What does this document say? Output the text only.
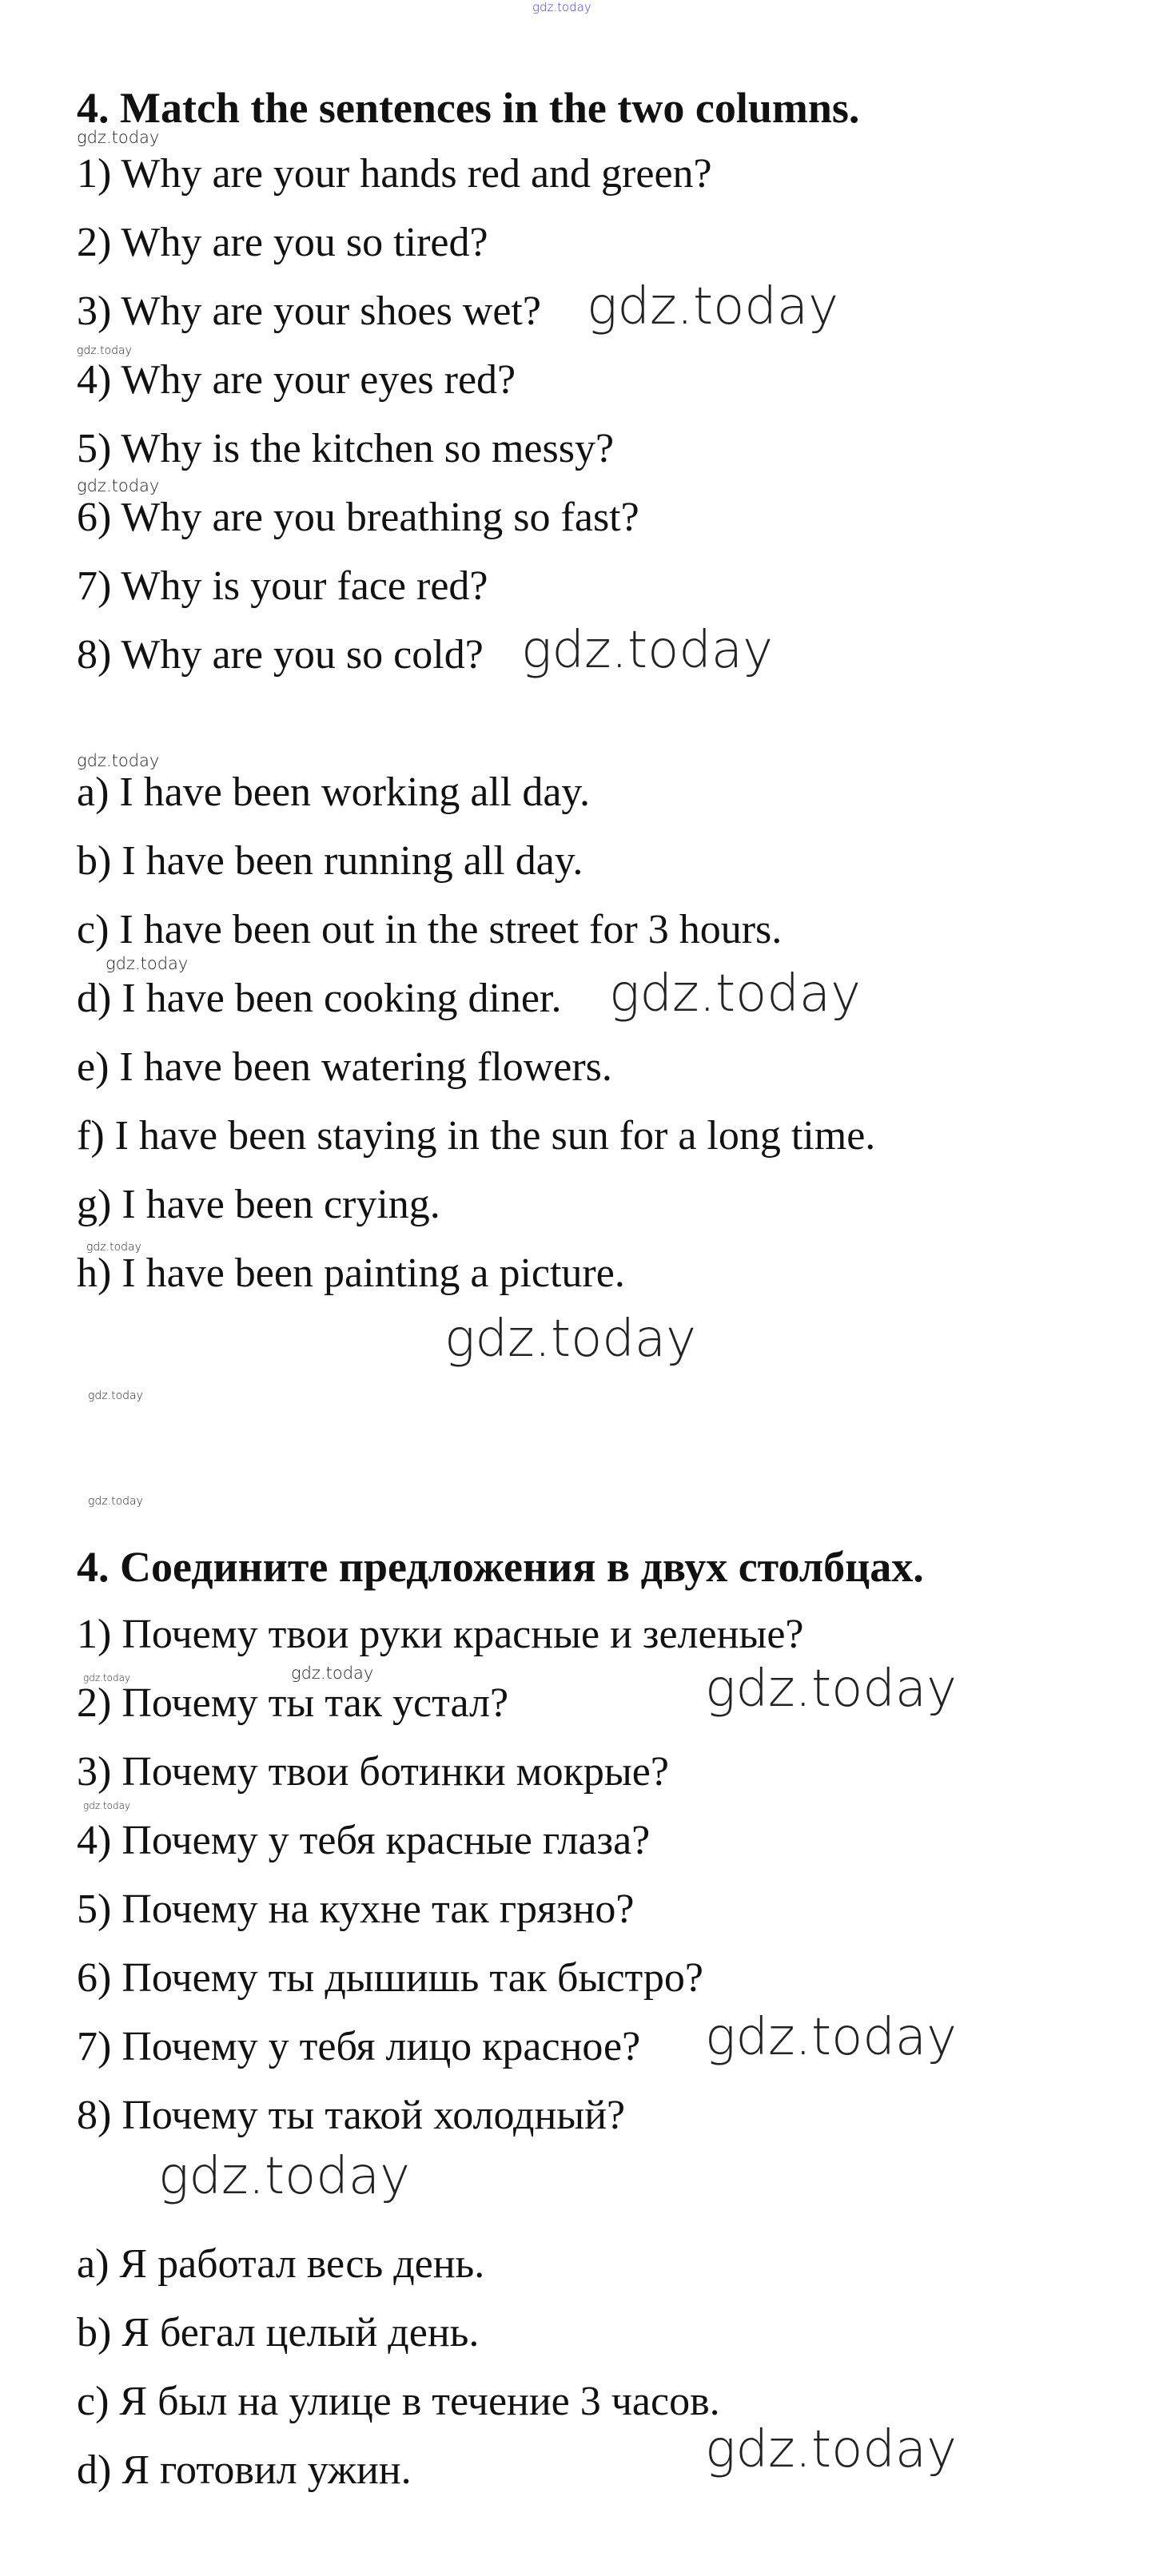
gdz.today
4. Match the sentences in the two columns.
gdz.today
1) Why are your hands red and green?
2) Why are you so tired?
3) Why are your shoes wet? gdz.today
gdz.today
4) Why are your eyes red?
5) Why is the kitchen so messy?
gdz.today
6) Why are you breathing so fast?
7) Why is your face red?
8) Why are you so cold? gdz.today
gdz.today
a) I have been working all day.
b) I have been running all day.
c) I have been out in the street for 3 hours.
gdz.today
d) I have been cooking diner. gdz.today
e) I have been watering flowers.
f) I have been staying in the sun for a long time.
g) I have been crying.
gdz.today
h) I have been painting a picture.
gdz.today
gdz.today
gdz.today
4. Соедините предложения в двух столбцах.
1) Почему твои руки красные и зеленые?
gdz.today	gdz.today	gdz.today
2) Почему ты так устал?
3) Почему твои ботинки мокрые?
gdz.today
4) Почему у тебя красные глаза?
5) Почему на кухне так грязно?
6) Почему ты дышишь так быстро?
7) Почему у тебя лицо красное? gdz.today
8) Почему ты такой холодный?
gdz.today
a) Я работал весь день.
b) Я бегал целый день.
c) Я был на улице в течение 3 часов.
gdz.today
d) Я готовил ужин.
